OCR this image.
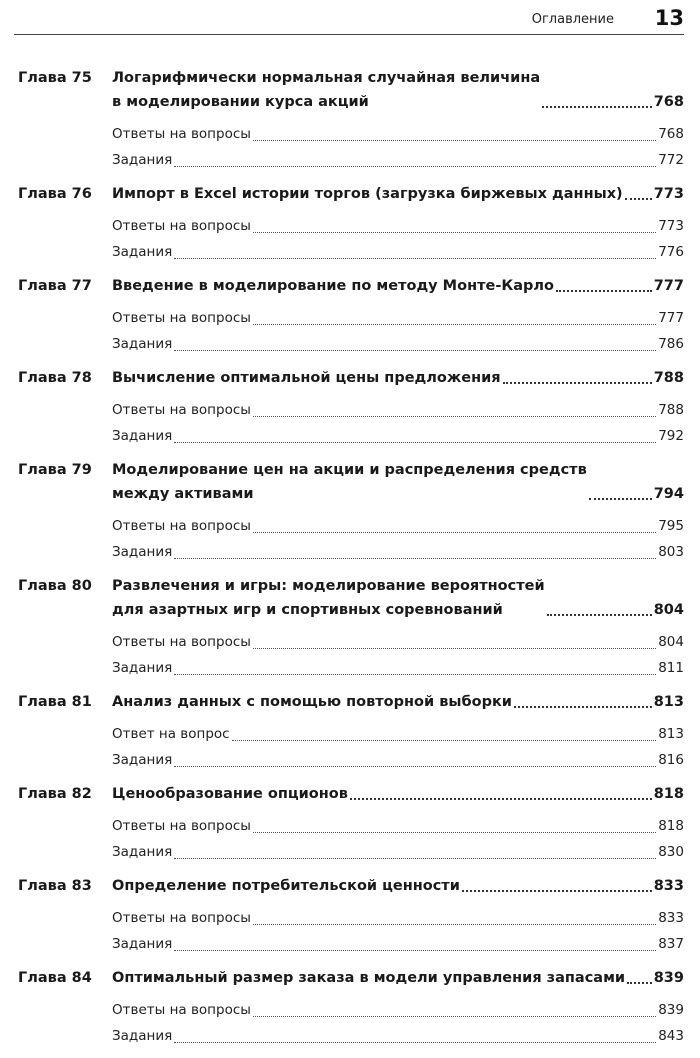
Оглавление 13
Глава 75	Логарифмически нормальная случайная величина
в моделировании курса акций	768
Ответы на вопросы	768
Задания	772
Глава 76	Импорт в Excel истории торгов (загрузка биржевых данных) 773
Ответы на вопросы	773
Задания	776
Глава 77	Введение в моделирование по методу Монте-Карло	777
Ответы на вопросы	777
Задания	786
Глава 78	Вычисление оптимальной цены предложения	788
Ответы на вопросы	788
Задания	792
Глава 79	Моделирование цен на акции и распределения средств
между активами	794
Ответы на вопросы	795
Задания	803
Глава 80	Развлечения и игры: моделирование вероятностей
для азартных игр и спортивных соревнований	804
Ответы на вопросы	804
Задания	811
Глава 81	Анализ данных с помощью повторной выборки	813
Ответ на вопрос	813
Задания	816
Глава 82	Ценообразование опционов	818
Ответы на вопросы	818
Задания	830
Глава 83	Определение потребительской ценности	833
Ответы на вопросы	833
Задания	837
Глава 84	Оптимальный размер заказа в модели управления запасами 839
Ответы на вопросы	839
Задания	843
